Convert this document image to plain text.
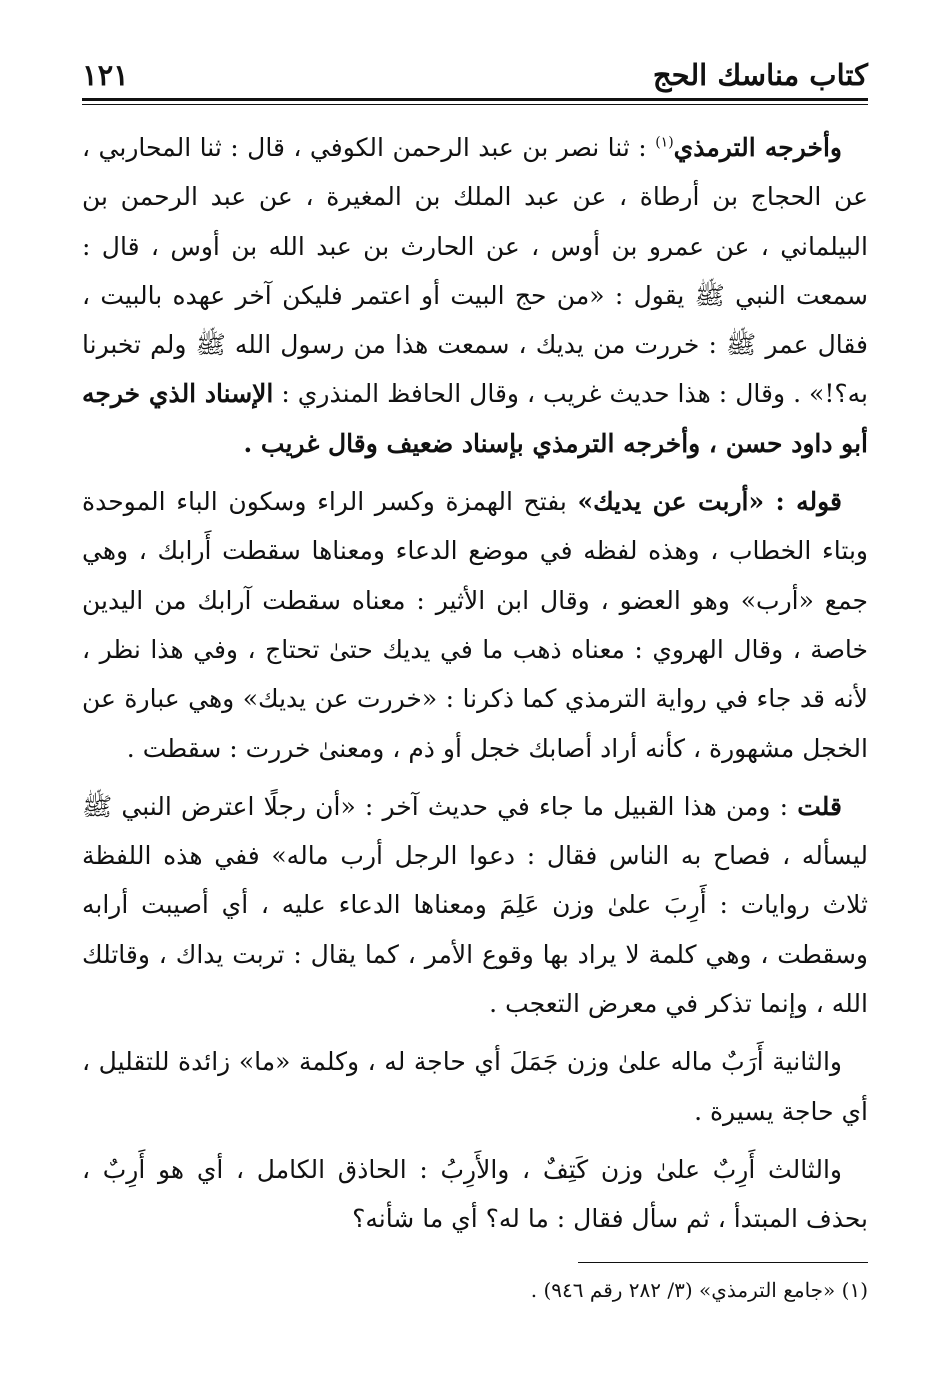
كتاب مناسك الحج
١٢١

وأخرجه الترمذي$^{(١)}$ : ثنا نصر بن عبد الرحمن الكوفي ، قال : ثنا المحاربي ، عن الحجاج بن أرطاة ، عن عبد الملك بن المغيرة ، عن عبد الرحمن بن البيلماني ، عن عمرو بن أوس ، عن الحارث بن عبد الله بن أوس ، قال : سمعت النبي ﷺ يقول : «من حج البيت أو اعتمر فليكن آخر عهده بالبيت ، فقال عمر ﷺ : خررت من يديك ، سمعت هذا من رسول الله ﷺ ولم تخبرنا به؟!» . وقال : هذا حديث غريب ، وقال الحافظ المنذري : الإسناد الذي خرجه أبو داود حسن ، وأخرجه الترمذي بإسناد ضعيف وقال غريب .

قوله : «أربت عن يديك» بفتح الهمزة وكسر الراء وسكون الباء الموحدة وبتاء الخطاب ، وهذه لفظه في موضع الدعاء ومعناها سقطت أَرابك ، وهي جمع «أرب» وهو العضو ، وقال ابن الأثير : معناه سقطت آرابك من اليدين خاصة ، وقال الهروي : معناه ذهب ما في يديك حتىٰ تحتاج ، وفي هذا نظر ، لأنه قد جاء في رواية الترمذي كما ذكرنا : «خررت عن يديك» وهي عبارة عن الخجل مشهورة ، كأنه أراد أصابك خجل أو ذم ، ومعنىٰ خررت : سقطت .

قلت : ومن هذا القبيل ما جاء في حديث آخر : «أن رجلًا اعترض النبي ﷺ ليسأله ، فصاح به الناس فقال : دعوا الرجل أرب ماله» ففي هذه اللفظة ثلاث روايات : أَرِبَ علىٰ وزن عَلِمَ ومعناها الدعاء عليه ، أي أصيبت أرابه وسقطت ، وهي كلمة لا يراد بها وقوع الأمر ، كما يقال : تربت يداك ، وقاتلك الله ، وإنما تذكر في معرض التعجب .

والثانية أَرَبٌ ماله علىٰ وزن جَمَلَ أي حاجة له ، وكلمة «ما» زائدة للتقليل ، أي حاجة يسيرة .

والثالث أَرِبٌ علىٰ وزن كَتِفٌ ، والأَرِبُ : الحاذق الكامل ، أي هو أَرِبٌ ، بحذف المبتدأ ، ثم سأل فقال : ما له؟ أي ما شأنه؟

(١) «جامع الترمذي» (٣/ ٢٨٢ رقم ٩٤٦) .
